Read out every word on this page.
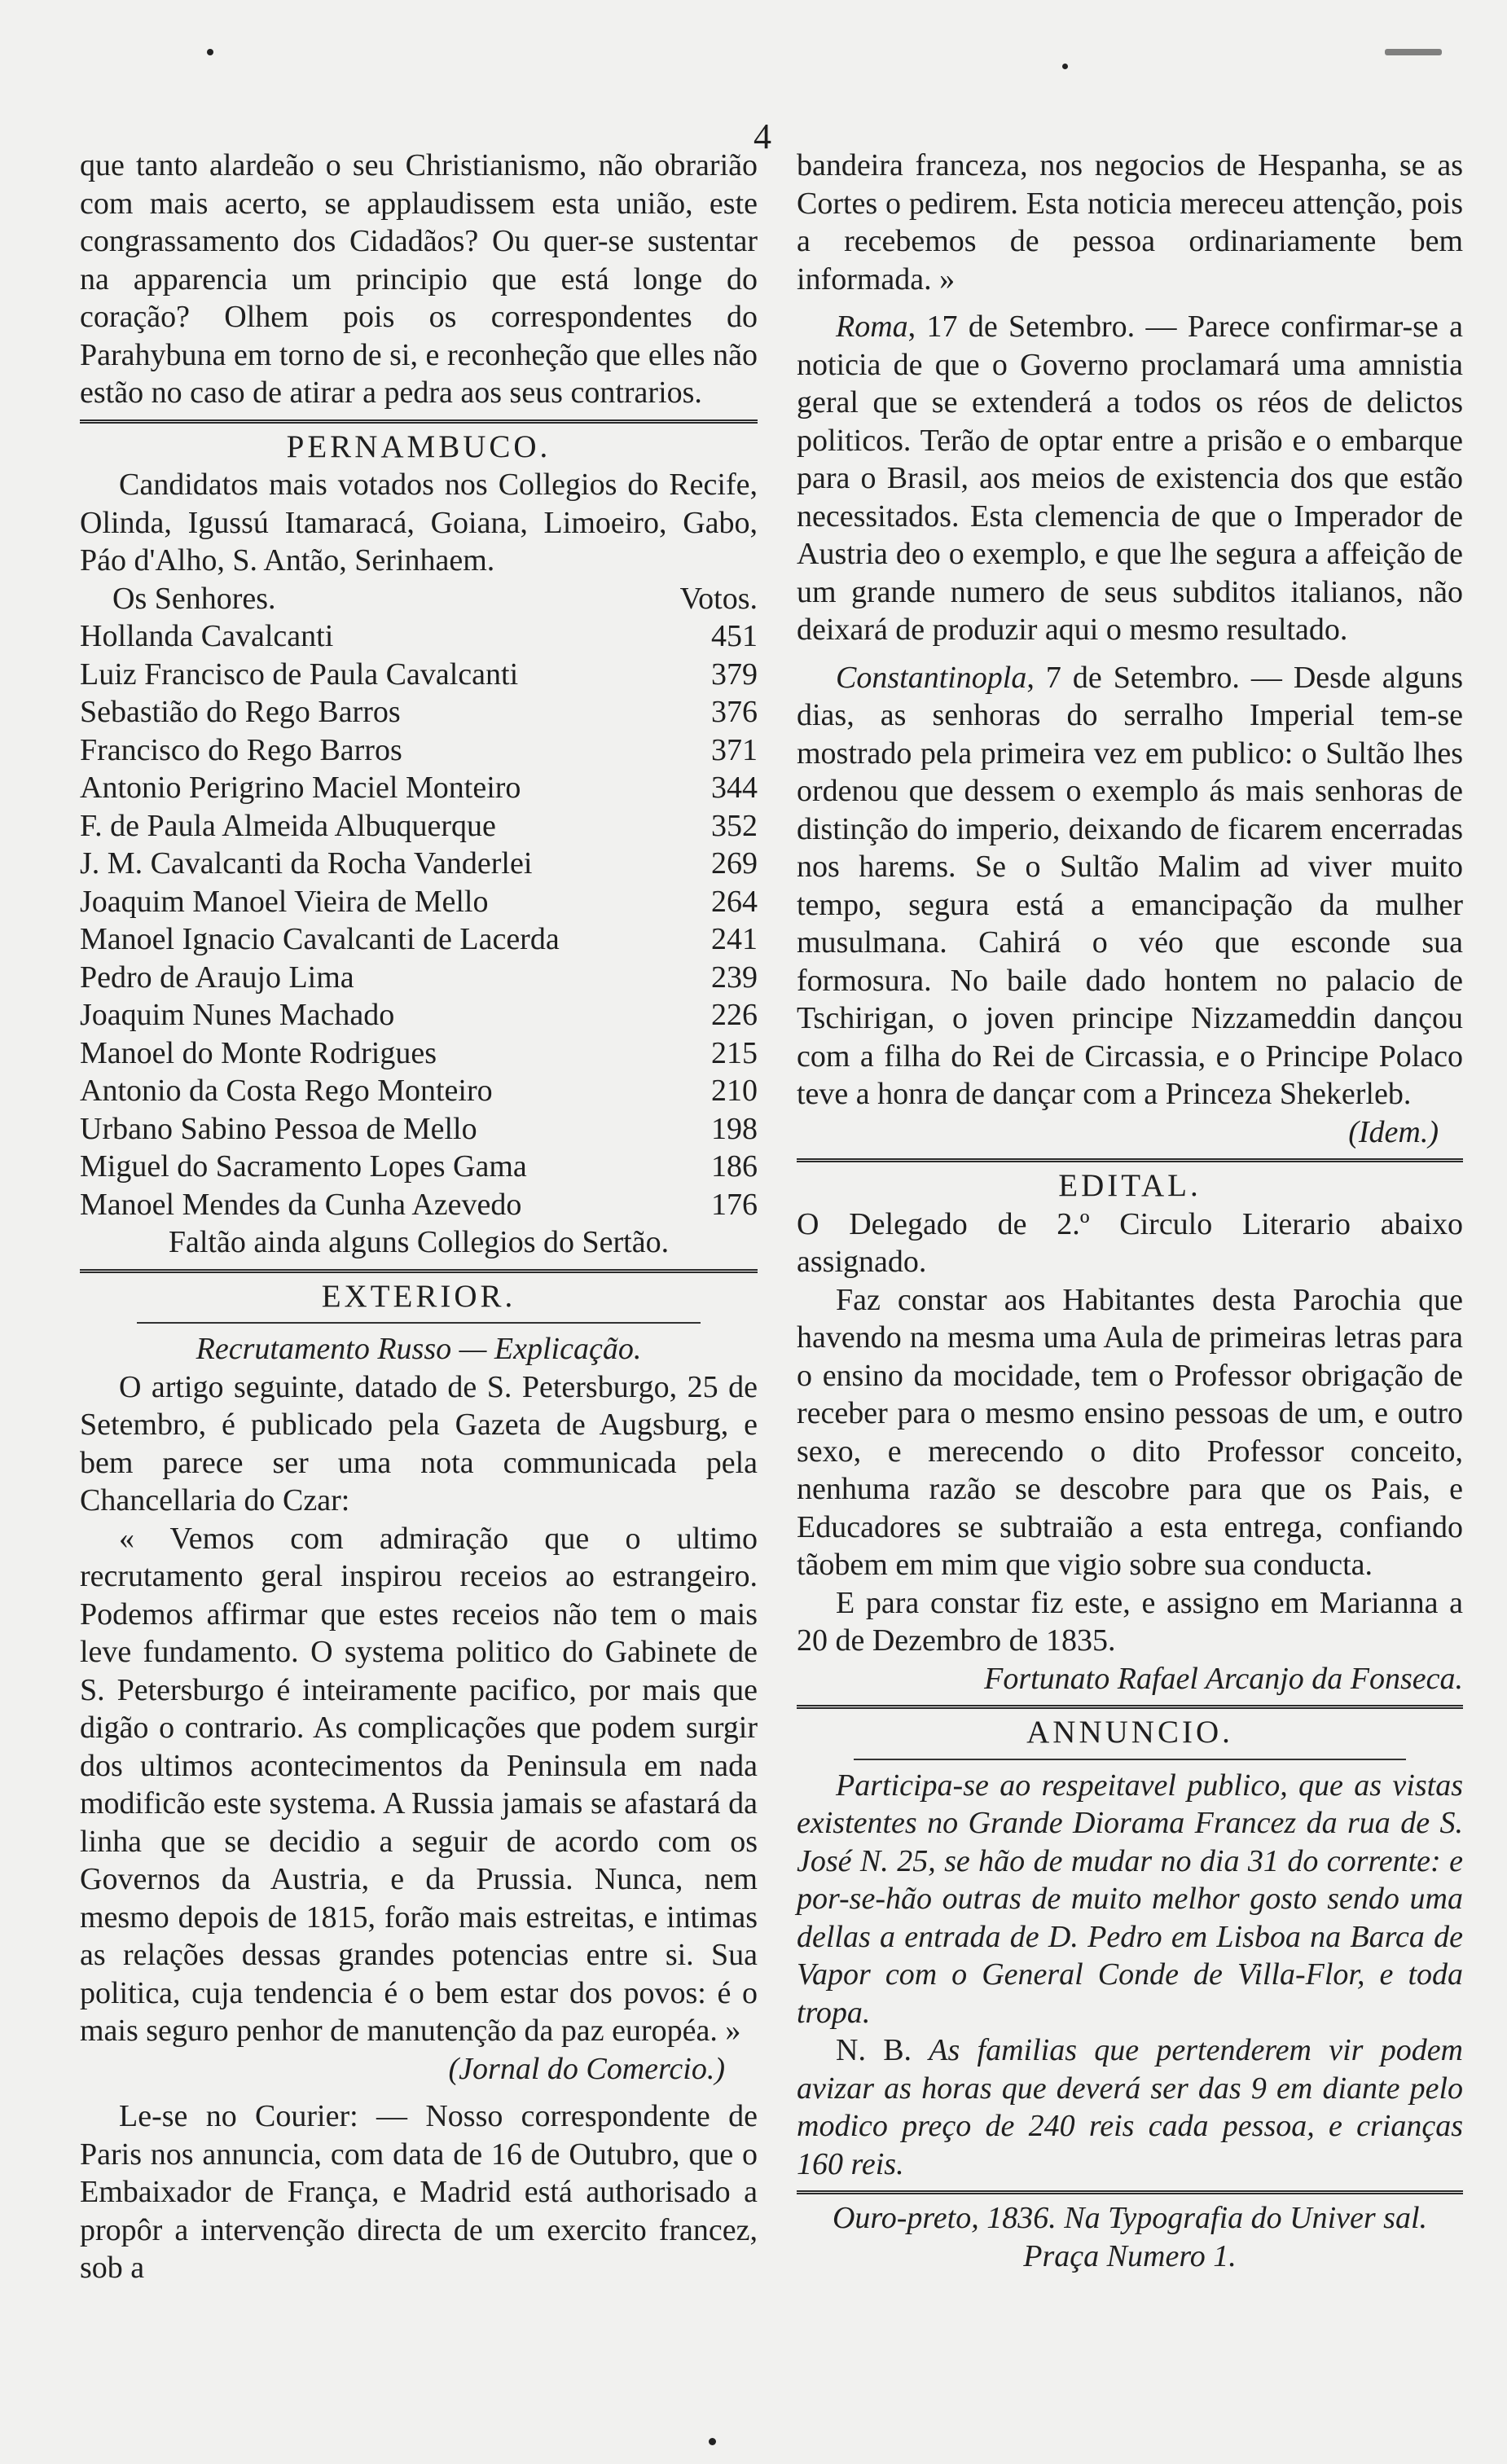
4

que tanto alardeão o seu Christianismo, não obrarião com mais acerto, se applaudissem esta união, este congrassamento dos Cidadãos? Ou quer-se sustentar na apparencia um principio que está longe do coração? Olhem pois os correspondentes do Parahybuna em torno de si, e reconheção que elles não estão no caso de atirar a pedra aos seus contrarios.

PERNAMBUCO.

Candidatos mais votados nos Collegios do Recife, Olinda, Igussú Itamaracá, Goiana, Limoeiro, Gabo, Páo d'Alho, S. Antão, Serinhaem.

Os Senhores.	Votos.
Hollanda Cavalcanti	451
Luiz Francisco de Paula Cavalcanti	379
Sebastião do Rego Barros	376
Francisco do Rego Barros	371
Antonio Perigrino Maciel Monteiro	344
F. de Paula Almeida Albuquerque	352
J. M. Cavalcanti da Rocha Vanderlei	269
Joaquim Manoel Vieira de Mello	264
Manoel Ignacio Cavalcanti de Lacerda	241
Pedro de Araujo Lima	239
Joaquim Nunes Machado	226
Manoel do Monte Rodrigues	215
Antonio da Costa Rego Monteiro	210
Urbano Sabino Pessoa de Mello	198
Miguel do Sacramento Lopes Gama	186
Manoel Mendes da Cunha Azevedo	176

Faltão ainda alguns Collegios do Sertão.

EXTERIOR.

Recrutamento Russo — Explicação.

O artigo seguinte, datado de S. Petersburgo, 25 de Setembro, é publicado pela Gazeta de Augsburg, e bem parece ser uma nota communicada pela Chancellaria do Czar:

« Vemos com admiração que o ultimo recrutamento geral inspirou receios ao estrangeiro. Podemos affirmar que estes receios não tem o mais leve fundamento. O systema politico do Gabinete de S. Petersburgo é inteiramente pacifico, por mais que digão o contrario. As complicações que podem surgir dos ultimos acontecimentos da Peninsula em nada modificão este systema. A Russia jamais se afastará da linha que se decidio a seguir de acordo com os Governos da Austria, e da Prussia. Nunca, nem mesmo depois de 1815, forão mais estreitas, e intimas as relações dessas grandes potencias entre si. Sua politica, cuja tendencia é o bem estar dos povos: é o mais seguro penhor de manutenção da paz européa. »

(Jornal do Comercio.)

Le-se no Courier: — Nosso correspondente de Paris nos annuncia, com data de 16 de Outubro, que o Embaixador de França, e Madrid está authorisado a propôr a intervenção directa de um exercito francez, sob a

bandeira franceza, nos negocios de Hespanha, se as Cortes o pedirem. Esta noticia mereceu attenção, pois a recebemos de pessoa ordinariamente bem informada. »

Roma, 17 de Setembro. — Parece confirmar-se a noticia de que o Governo proclamará uma amnistia geral que se extenderá a todos os réos de delictos politicos. Terão de optar entre a prisão e o embarque para o Brasil, aos meios de existencia dos que estão necessitados. Esta clemencia de que o Imperador de Austria deo o exemplo, e que lhe segura a affeição de um grande numero de seus subditos italianos, não deixará de produzir aqui o mesmo resultado.

Constantinopla, 7 de Setembro. — Desde alguns dias, as senhoras do serralho Imperial tem-se mostrado pela primeira vez em publico: o Sultão lhes ordenou que dessem o exemplo ás mais senhoras de distinção do imperio, deixando de ficarem encerradas nos harems. Se o Sultão Malim ad viver muito tempo, segura está a emancipação da mulher musulmana. Cahirá o véo que esconde sua formosura. No baile dado hontem no palacio de Tschirigan, o joven principe Nizzameddin dançou com a filha do Rei de Circassia, e o Principe Polaco teve a honra de dançar com a Princeza Shekerleb.

(Idem.)

EDITAL.

O Delegado de 2.º Circulo Literario abaixo assignado.

Faz constar aos Habitantes desta Parochia que havendo na mesma uma Aula de primeiras letras para o ensino da mocidade, tem o Professor obrigação de receber para o mesmo ensino pessoas de um, e outro sexo, e merecendo o dito Professor conceito, nenhuma razão se descobre para que os Pais, e Educadores se subtraião a esta entrega, confiando tãobem em mim que vigio sobre sua conducta.

E para constar fiz este, e assigno em Marianna a 20 de Dezembro de 1835.

Fortunato Rafael Arcanjo da Fonseca.

ANNUNCIO.

Participa-se ao respeitavel publico, que as vistas existentes no Grande Diorama Francez da rua de S. José N. 25, se hão de mudar no dia 31 do corrente: e por-se-hão outras de muito melhor gosto sendo uma dellas a entrada de D. Pedro em Lisboa na Barca de Vapor com o General Conde de Villa-Flor, e toda tropa.

N. B. As familias que pertenderem vir podem avizar as horas que deverá ser das 9 em diante pelo modico preço de 240 reis cada pessoa, e crianças 160 reis.

Ouro-preto, 1836. Na Typografia do Univer sal. Praça Numero 1.
